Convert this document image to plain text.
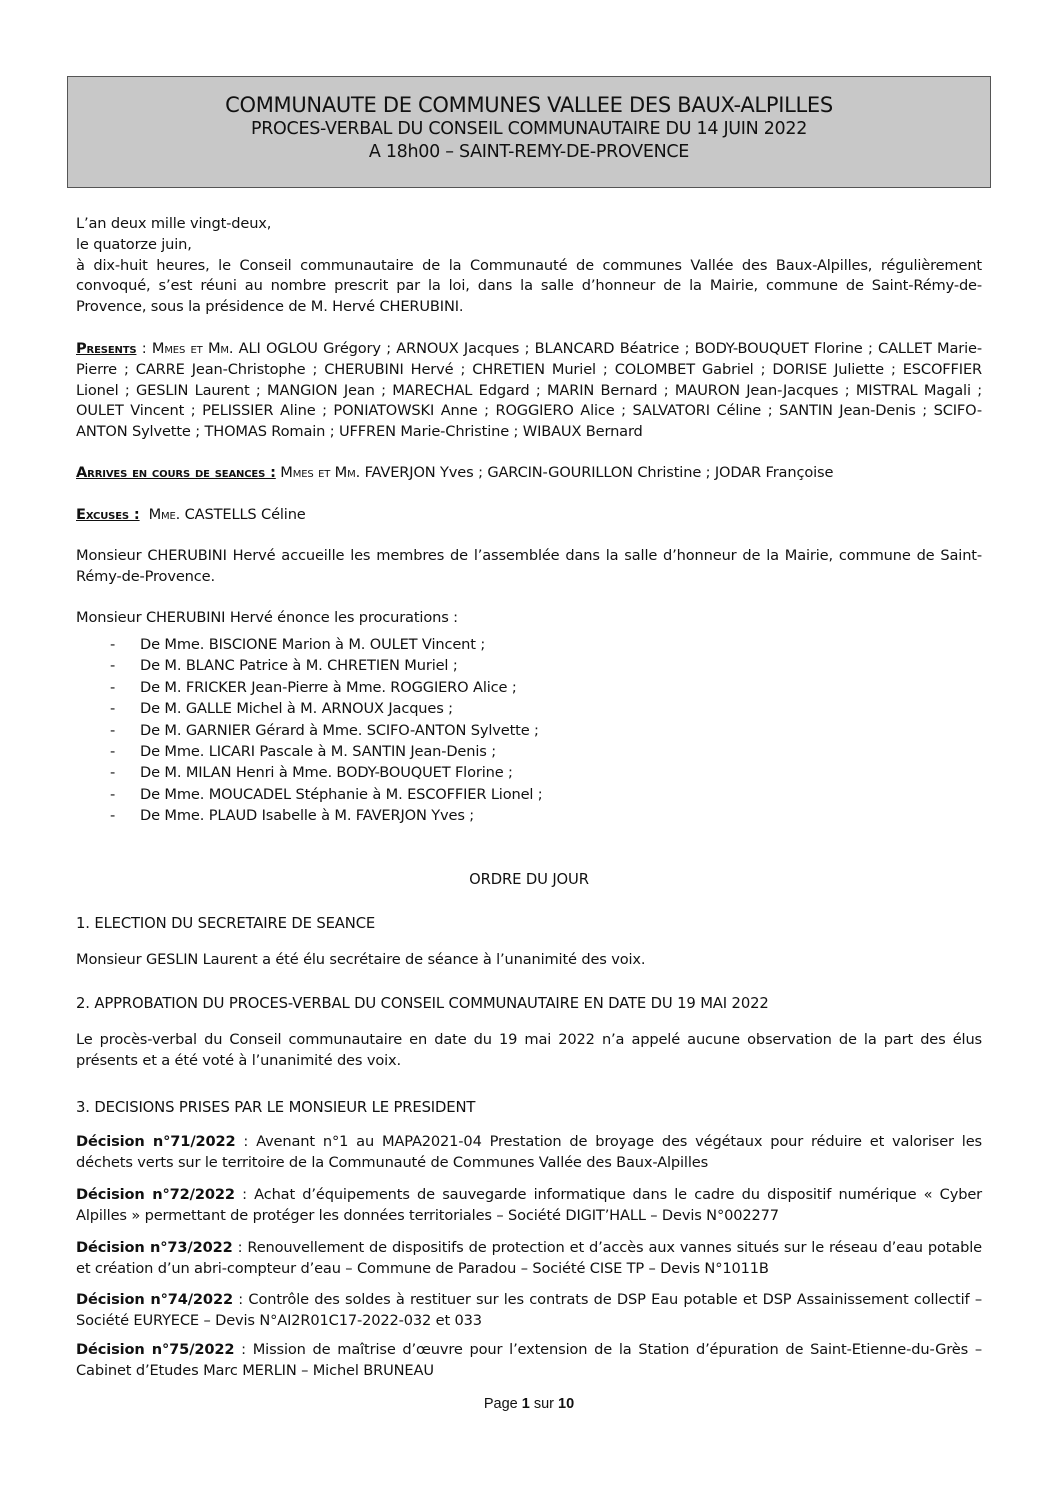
COMMUNAUTE DE COMMUNES VALLEE DES BAUX-ALPILLES
PROCES-VERBAL DU CONSEIL COMMUNAUTAIRE DU 14 JUIN 2022
A 18h00 – SAINT-REMY-DE-PROVENCE
L’an deux mille vingt-deux,
le quatorze juin,
à dix-huit heures, le Conseil communautaire de la Communauté de communes Vallée des Baux-Alpilles, régulièrement convoqué, s’est réuni au nombre prescrit par la loi, dans la salle d’honneur de la Mairie, commune de Saint-Rémy-de-Provence, sous la présidence de M. Hervé CHERUBINI.
Presents : Mmes et Mm. ALI OGLOU Grégory ; ARNOUX Jacques ; BLANCARD Béatrice ; BODY-BOUQUET Florine ; CALLET Marie-Pierre ; CARRE Jean-Christophe ; CHERUBINI Hervé ; CHRETIEN Muriel ; COLOMBET Gabriel ; DORISE Juliette ; ESCOFFIER Lionel ; GESLIN Laurent ; MANGION Jean ; MARECHAL Edgard ; MARIN Bernard ; MAURON Jean-Jacques ; MISTRAL Magali ; OULET Vincent ; PELISSIER Aline ; PONIATOWSKI Anne ; ROGGIERO Alice ; SALVATORI Céline ; SANTIN Jean-Denis ; SCIFO-ANTON Sylvette ; THOMAS Romain ; UFFREN Marie-Christine ; WIBAUX Bernard
Arrives en cours de seances : Mmes et Mm. FAVERJON Yves ; GARCIN-GOURILLON Christine ; JODAR Françoise
Excuses : Mme. CASTELLS Céline
Monsieur CHERUBINI Hervé accueille les membres de l’assemblée dans la salle d’honneur de la Mairie, commune de Saint-Rémy-de-Provence.
Monsieur CHERUBINI Hervé énonce les procurations :
- De Mme. BISCIONE Marion à M. OULET Vincent ;
- De M. BLANC Patrice à M. CHRETIEN Muriel ;
- De M. FRICKER Jean-Pierre à Mme. ROGGIERO Alice ;
- De M. GALLE Michel à M. ARNOUX Jacques ;
- De M. GARNIER Gérard à Mme. SCIFO-ANTON Sylvette ;
- De Mme. LICARI Pascale à M. SANTIN Jean-Denis ;
- De M. MILAN Henri à Mme. BODY-BOUQUET Florine ;
- De Mme. MOUCADEL Stéphanie à M. ESCOFFIER Lionel ;
- De Mme. PLAUD Isabelle à M. FAVERJON Yves ;
ORDRE DU JOUR
1. ELECTION DU SECRETAIRE DE SEANCE
Monsieur GESLIN Laurent a été élu secrétaire de séance à l’unanimité des voix.
2. APPROBATION DU PROCES-VERBAL DU CONSEIL COMMUNAUTAIRE EN DATE DU 19 MAI 2022
Le procès-verbal du Conseil communautaire en date du 19 mai 2022 n’a appelé aucune observation de la part des élus présents et a été voté à l’unanimité des voix.
3. DECISIONS PRISES PAR LE MONSIEUR LE PRESIDENT
Décision n°71/2022 : Avenant n°1 au MAPA2021-04 Prestation de broyage des végétaux pour réduire et valoriser les déchets verts sur le territoire de la Communauté de Communes Vallée des Baux-Alpilles
Décision n°72/2022 : Achat d’équipements de sauvegarde informatique dans le cadre du dispositif numérique « Cyber Alpilles » permettant de protéger les données territoriales – Société DIGIT’HALL – Devis N°002277
Décision n°73/2022 : Renouvellement de dispositifs de protection et d’accès aux vannes situés sur le réseau d’eau potable et création d’un abri-compteur d’eau – Commune de Paradou – Société CISE TP – Devis N°1011B
Décision n°74/2022 : Contrôle des soldes à restituer sur les contrats de DSP Eau potable et DSP Assainissement collectif – Société EURYECE – Devis N°AI2R01C17-2022-032 et 033
Décision n°75/2022 : Mission de maîtrise d’œuvre pour l’extension de la Station d’épuration de Saint-Etienne-du-Grès – Cabinet d’Etudes Marc MERLIN – Michel BRUNEAU
Page 1 sur 10
